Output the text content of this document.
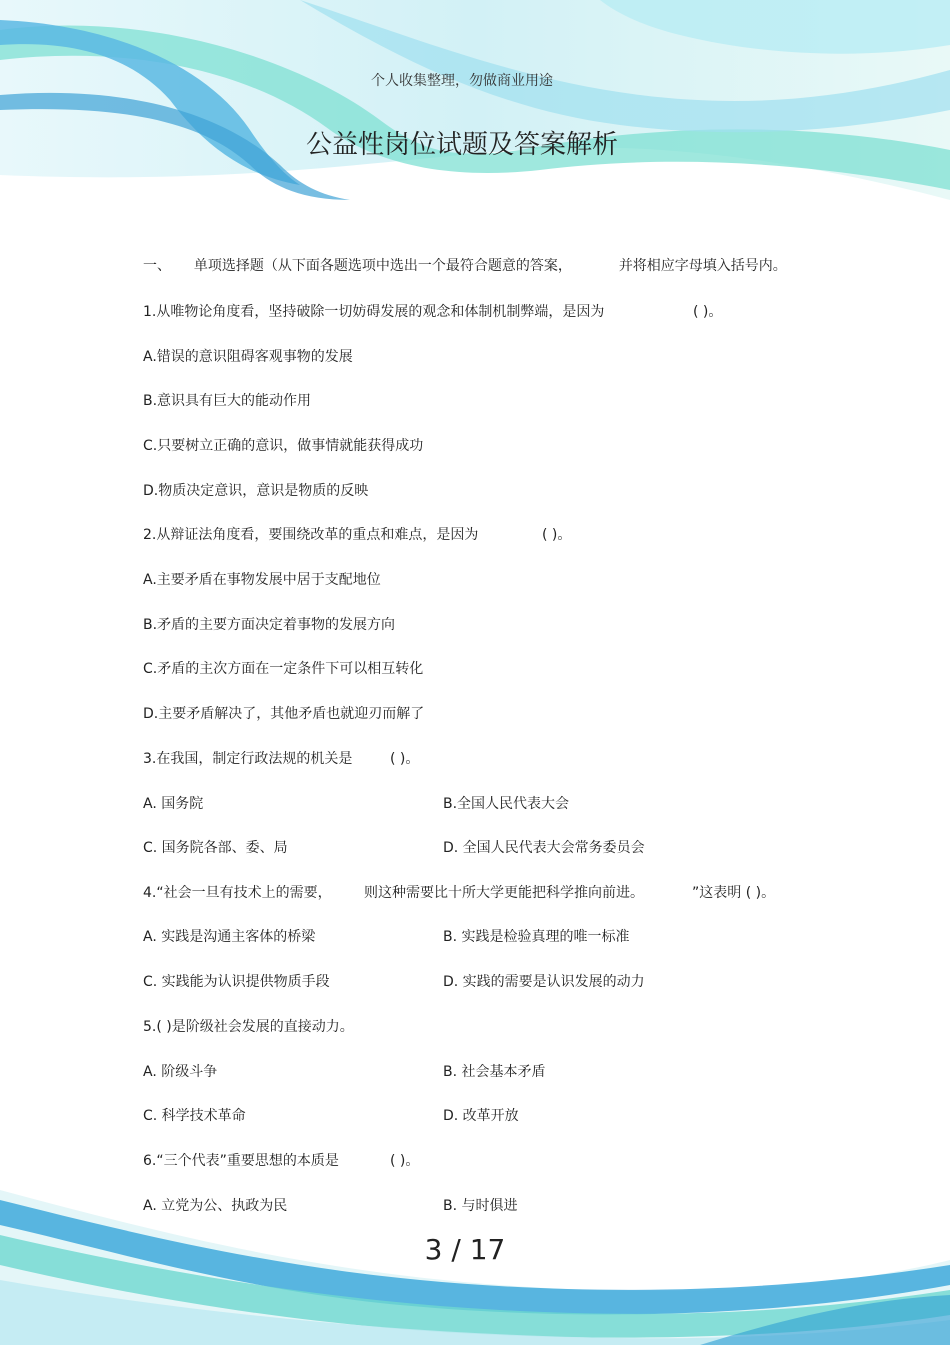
个人收集整理，勿做商业用途
公益性岗位试题及答案解析
一、 单项选择题（从下面各题选项中选出一个最符合题意的答案，	并将相应字母填入括号内。
1.从唯物论角度看，坚持破除一切妨碍发展的观念和体制机制弊端，是因为	( )。
A.错误的意识阻碍客观事物的发展
B.意识具有巨大的能动作用
C.只要树立正确的意识，做事情就能获得成功
D.物质决定意识，意识是物质的反映
2.从辩证法角度看，要围绕改革的重点和难点，是因为	( )。
A.主要矛盾在事物发展中居于支配地位
B.矛盾的主要方面决定着事物的发展方向
C.矛盾的主次方面在一定条件下可以相互转化
D.主要矛盾解决了，其他矛盾也就迎刃而解了
3.在我国，制定行政法规的机关是	( )。
A. 国务院	B.全国人民代表大会
C. 国务院各部、委、局	D. 全国人民代表大会常务委员会
4.“社会一旦有技术上的需要， 则这种需要比十所大学更能把科学推向前进。	”这表明 ( )。
A. 实践是沟通主客体的桥梁	B. 实践是检验真理的唯一标准
C. 实践能为认识提供物质手段	D. 实践的需要是认识发展的动力
5.( )是阶级社会发展的直接动力。
A. 阶级斗争	B. 社会基本矛盾
C. 科学技术革命	D. 改革开放
6.“三个代表”重要思想的本质是	( )。
A. 立党为公、执政为民	B. 与时俱进
3 / 17
